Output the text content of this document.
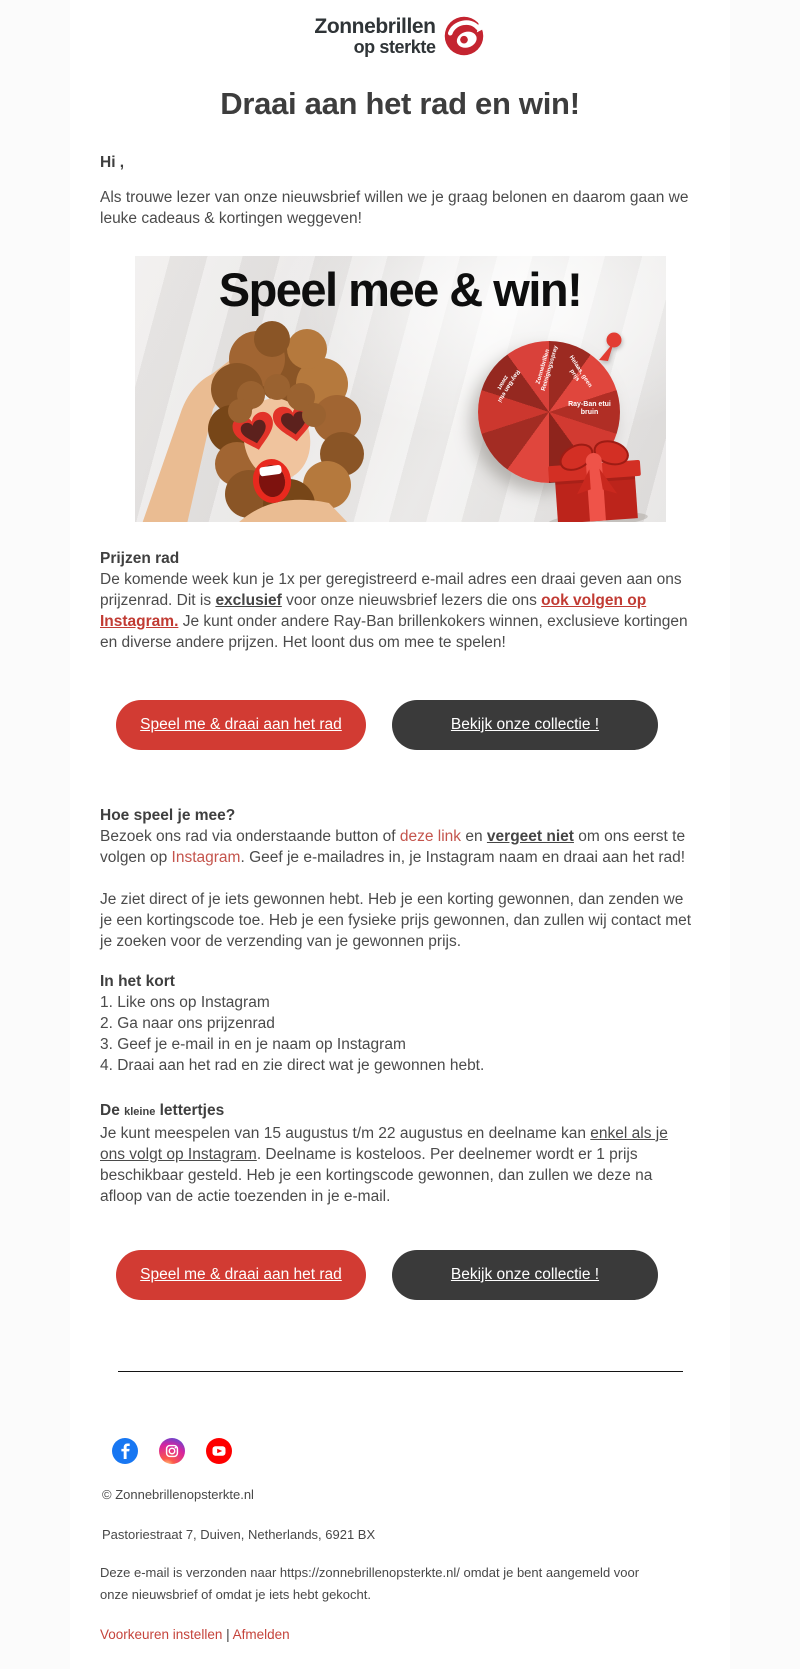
Zonnebrillen
op sterkte
Draai aan het rad en win!

Hi ,

Als trouwe lezer van onze nieuwsbrief willen we je graag belonen en daarom gaan we leuke cadeaus & kortingen weggeven!

Speel mee & win!
Helaas, geen prijs
Ray-Ban etui bruin
Zonnebrillen Reinigingsspray
Ray-Ban etui zwart
Prijzen rad

De komende week kun je 1x per geregistreerd e-mail adres een draai geven aan ons prijzenrad. Dit is exclusief voor onze nieuwsbrief lezers die ons ook volgen op Instagram. Je kunt onder andere Ray-Ban brillenkokers winnen, exclusieve kortingen en diverse andere prijzen. Het loont dus om mee te spelen!

Speel me & draai aan het rad	Bekijk onze collectie !
Hoe speel je mee?

Bezoek ons rad via onderstaande button of deze link en vergeet niet om ons eerst te volgen op Instagram. Geef je e-mailadres in, je Instagram naam en draai aan het rad!

Je ziet direct of je iets gewonnen hebt. Heb je een korting gewonnen, dan zenden we je een kortingscode toe. Heb je een fysieke prijs gewonnen, dan zullen wij contact met je zoeken voor de verzending van je gewonnen prijs.

In het kort
1. Like ons op Instagram
2. Ga naar ons prijzenrad
3. Geef je e-mail in en je naam op Instagram
4. Draai aan het rad en zie direct wat je gewonnen hebt.
De kleine lettertjes

Je kunt meespelen van 15 augustus t/m 22 augustus en deelname kan enkel als je ons volgt op Instagram. Deelname is kosteloos. Per deelnemer wordt er 1 prijs beschikbaar gesteld. Heb je een kortingscode gewonnen, dan zullen we deze na afloop van de actie toezenden in je e-mail.

Speel me & draai aan het rad	Bekijk onze collectie !
© Zonnebrillenopsterkte.nl
Pastoriestraat 7, Duiven, Netherlands, 6921 BX

Deze e-mail is verzonden naar https://zonnebrillenopsterkte.nl/ omdat je bent aangemeld voor onze nieuwsbrief of omdat je iets hebt gekocht.

Voorkeuren instellen | Afmelden
